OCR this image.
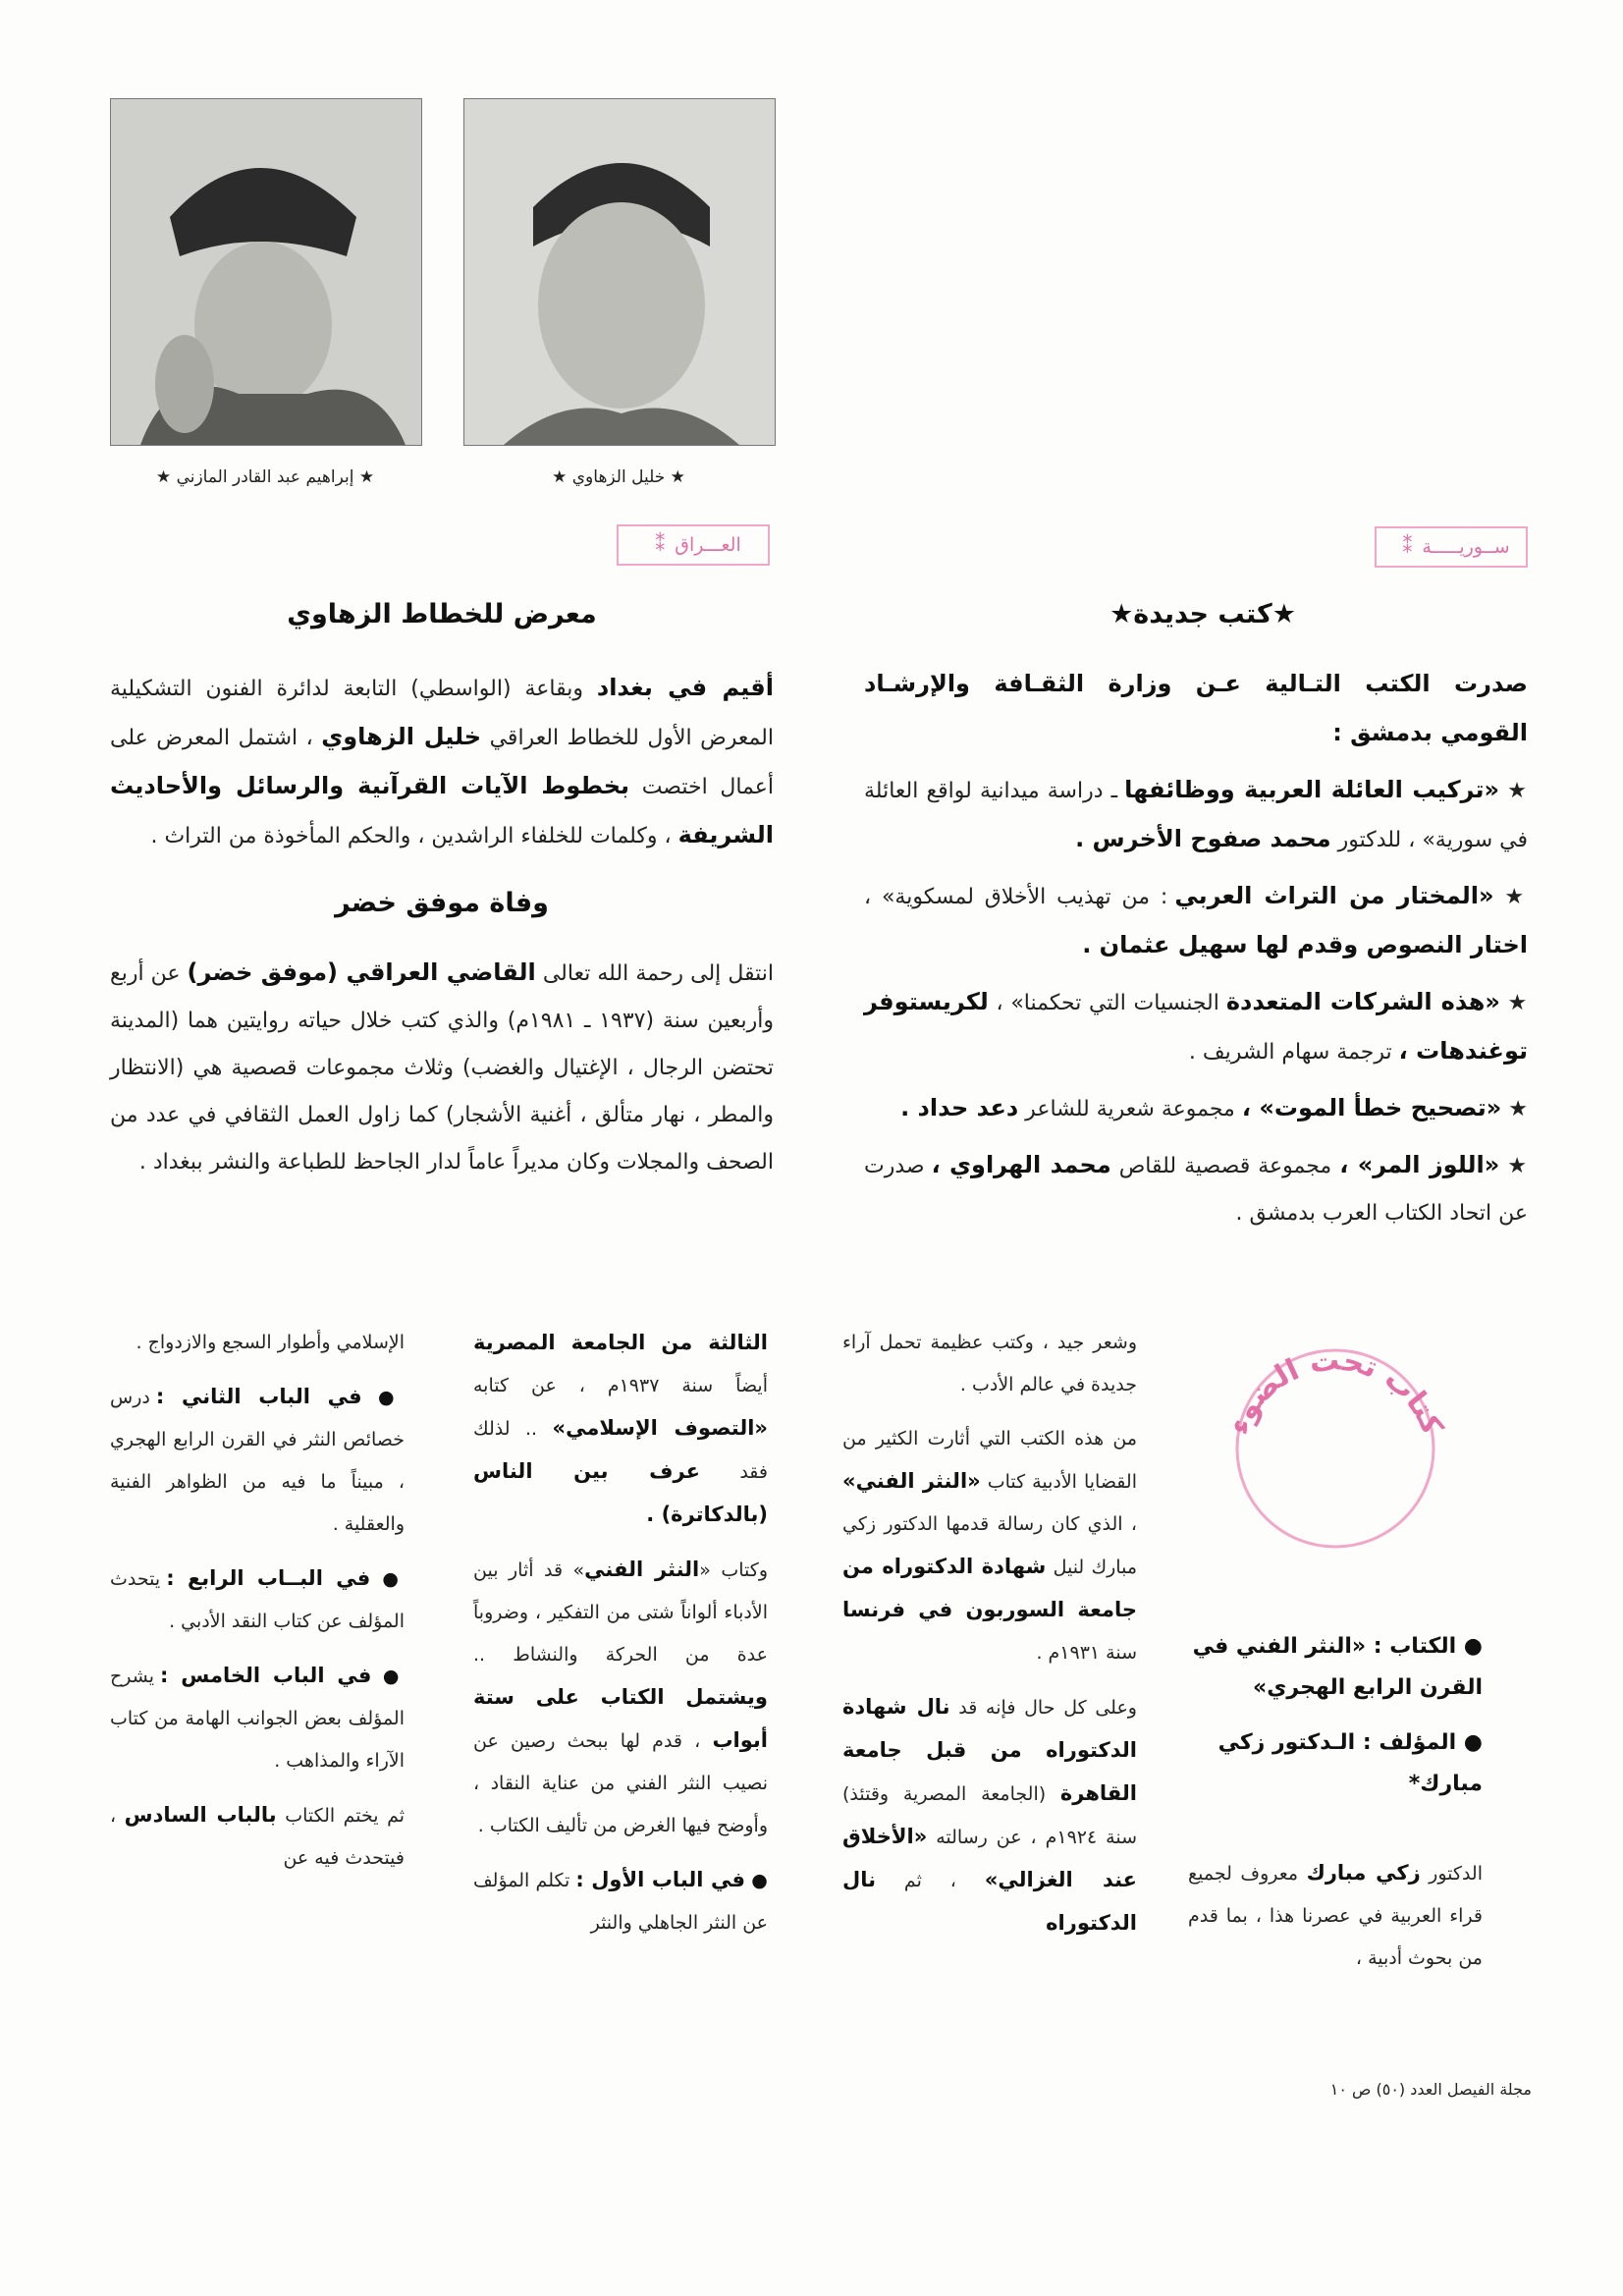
★ إبراهيم عبد القادر المازني ★	★ خليل الزهاوي ★
العـــراق⁑	ســوريـــــة⁑
★كتب جديدة★

صدرت الكتب التـالية عـن وزارة الثقـافة والإرشـاد القومي بدمشق :

★ «تركيب العائلة العربية ووظائفها ـ دراسة ميدانية لواقع العائلة في سورية» ، للدكتور محمد صفوح الأخرس .

★ «المختار من التراث العربي : من تهذيب الأخلاق لمسكوية» ، اختار النصوص وقدم لها سهيل عثمان .

★ «هذه الشركات المتعددة الجنسيات التي تحكمنا» ، لكريستوفر توغندهات ، ترجمة سهام الشريف .

★ «تصحيح خطأ الموت» ، مجموعة شعرية للشاعر دعد حداد .

★ «اللوز المر» ، مجموعة قصصية للقاص محمد الهراوي ، صدرت عن اتحاد الكتاب العرب بدمشق .

معرض للخطاط الزهاوي

أقيم في بغداد وبقاعة (الواسطي) التابعة لدائرة الفنون التشكيلية المعرض الأول للخطاط العراقي خليل الزهاوي ، اشتمل المعرض على أعمال اختصت بخطوط الآيات القرآنية والرسائل والأحاديث الشريفة ، وكلمات للخلفاء الراشدين ، والحكم المأخوذة من التراث .

وفاة موفق خضر

انتقل إلى رحمة الله تعالى القاضي العراقي (موفق خضر) عن أربع وأربعين سنة (١٩٣٧ ـ ١٩٨١م) والذي كتب خلال حياته روايتين هما (المدينة تحتضن الرجال ، الإغتيال والغضب) وثلاث مجموعات قصصية هي (الانتظار والمطر ، نهار متألق ، أغنية الأشجار) كما زاول العمل الثقافي في عدد من الصحف والمجلات وكان مديراً عاماً لدار الجاحظ للطباعة والنشر ببغداد .

كتاب تحت الضوء

● الكتاب : «النثر الفني في القرن الرابع الهجري»

● المؤلف : الـدكتور زكي مبارك*

الدكتور زكي مبارك معروف لجميع قراء العربية في عصرنا هذا ، بما قدم من بحوث أدبية ،

وشعر جيد ، وكتب عظيمة تحمل آراء جديدة في عالم الأدب .

من هذه الكتب التي أثارت الكثير من القضايا الأدبية كتاب «النثر الفني» ، الذي كان رسالة قدمها الدكتور زكي مبارك لنيل شهادة الدكتوراه من جامعة السوربون في فرنسا سنة ١٩٣١م .

وعلى كل حال فإنه قد نال شهادة الدكتوراه من قبل جامعة القاهرة (الجامعة المصرية وقتئذ) سنة ١٩٢٤م ، عن رسالته «الأخلاق عند الغزالي» ، ثم نال الدكتوراه

الثالثة من الجامعة المصرية أيضاً سنة ١٩٣٧م ، عن كتابه «التصوف الإسلامي» .. لذلك فقد عرف بين الناس (بالدكاترة) .

وكتاب «النثر الفني» قد أثار بين الأدباء ألواناً شتى من التفكير ، وضروباً عدة من الحركة والنشاط .. ويشتمل الكتاب على ستة أبواب ، قدم لها ببحث رصين عن نصيب النثر الفني من عناية النقاد ، وأوضح فيها الغرض من تأليف الكتاب .

● في الباب الأول : تكلم المؤلف عن النثر الجاهلي والنثر

الإسلامي وأطوار السجع والازدواج .

● في الباب الثاني : درس خصائص النثر في القرن الرابع الهجري ، مبيناً ما فيه من الظواهر الفنية والعقلية .

● في البــاب الرابع : يتحدث المؤلف عن كتاب النقد الأدبي .

● في الباب الخامس : يشرح المؤلف بعض الجوانب الهامة من كتاب الآراء والمذاهب .

ثم يختم الكتاب بالباب السادس ، فيتحدث فيه عن

مجلة الفيصل العدد (٥٠) ص ١٠
